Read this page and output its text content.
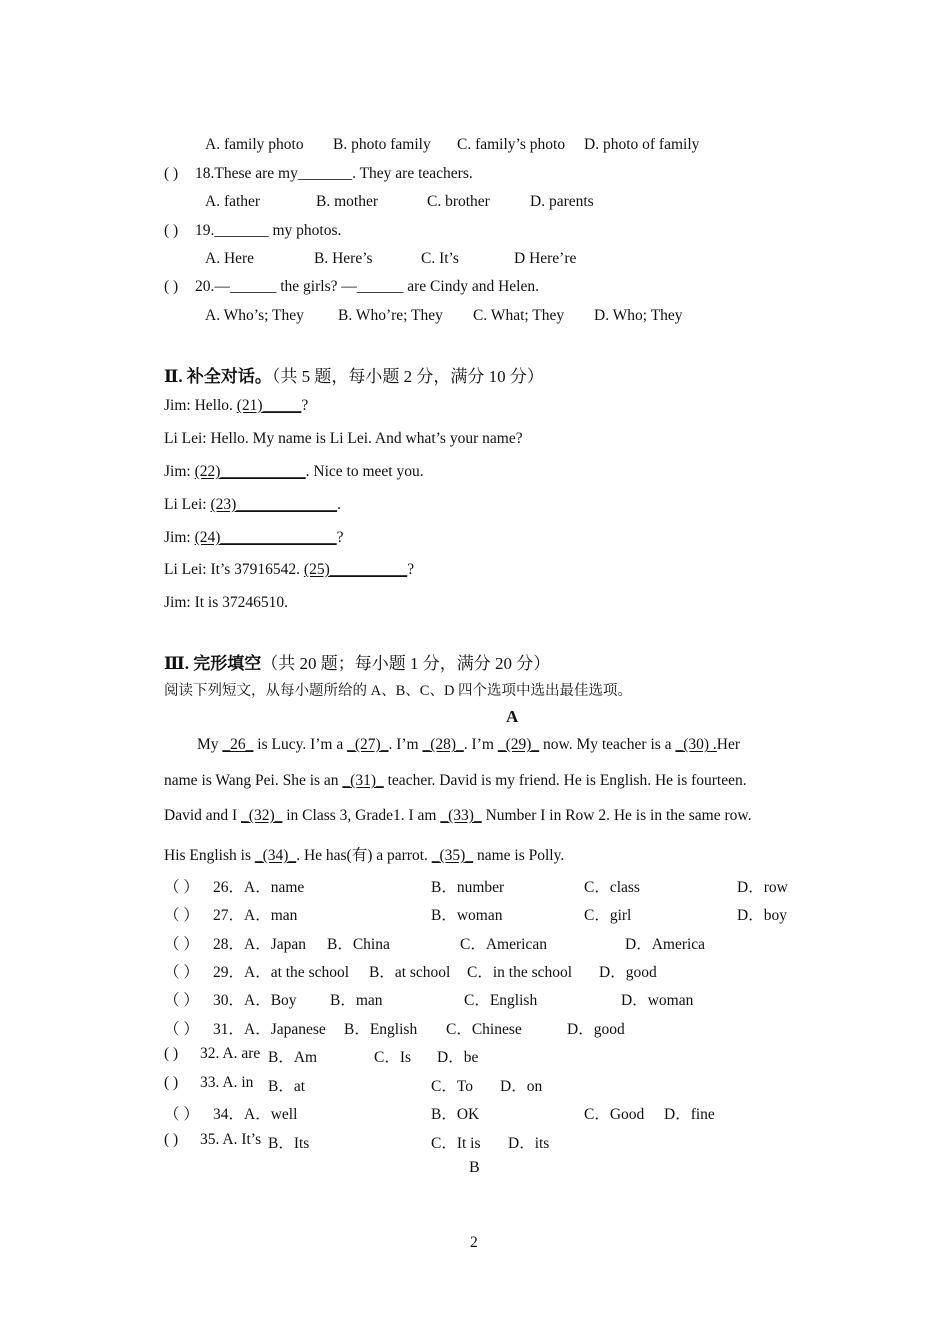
A. family photo B. photo family C. family’s photo D. photo of family
( ) 18.These are my_______. They are teachers.
A. father	B. mother	C. brother	D. parents
( ) 19._______ my photos.
A. Here	B. Here’s	C. It’s	D Here’re
( ) 20.—______ the girls? —______ are Cindy and Helen.
A. Who’s; They B. Who’re; They C. What; They D. Who; They
Ⅱ. 补全对话。（共 5 题，每小题 2 分，满分 10 分）
Jim: Hello. (21)_____?
Li Lei: Hello. My name is Li Lei. And what’s your name?
Jim: (22)___________. Nice to meet you.
Li Lei: (23)_____________.
Jim: (24)_______________?
Li Lei: It’s 37916542. (25)__________?
Jim: It is 37246510.
Ⅲ. 完形填空（共 20 题；每小题 1 分，满分 20 分）
阅读下列短文，从每小题所给的 A、B、C、D 四个选项中选出最佳选项。
A
My _26_ is Lucy. I’m a _(27)_. I’m _(28)_. I’m _(29)_ now. My teacher is a _(30) .Her
name is Wang Pei. She is an _(31)_ teacher. David is my friend. He is English. He is fourteen.
David and I _(32)_ in Class 3, Grade1. I am _(33)_ Number I in Row 2. He is in the same row.
His English is _(34)_. He has(有) a parrot. _(35)_ name is Polly.
（ ） 26．A．name	B．number	C．class	D．row
（ ） 27．A．man	B．woman	C．girl	D．boy
（ ） 28．A．Japan B．China	C．American	D．America
（ ） 29．A．at the school B．at school C．in the school D．good
（ ） 30．A．Boy B．man	C．English	D．woman
（ ） 31．A．Japanese B．English C．Chinese	D．good
( ) 32. A. are B．Am	C．Is D．be
( ) 33. A. in B．at	C．To D．on
（ ） 34．A．well	B．OK	C．Good D．fine
( ) 35. A. It’s B．Its	C．It is D．its
B
2
